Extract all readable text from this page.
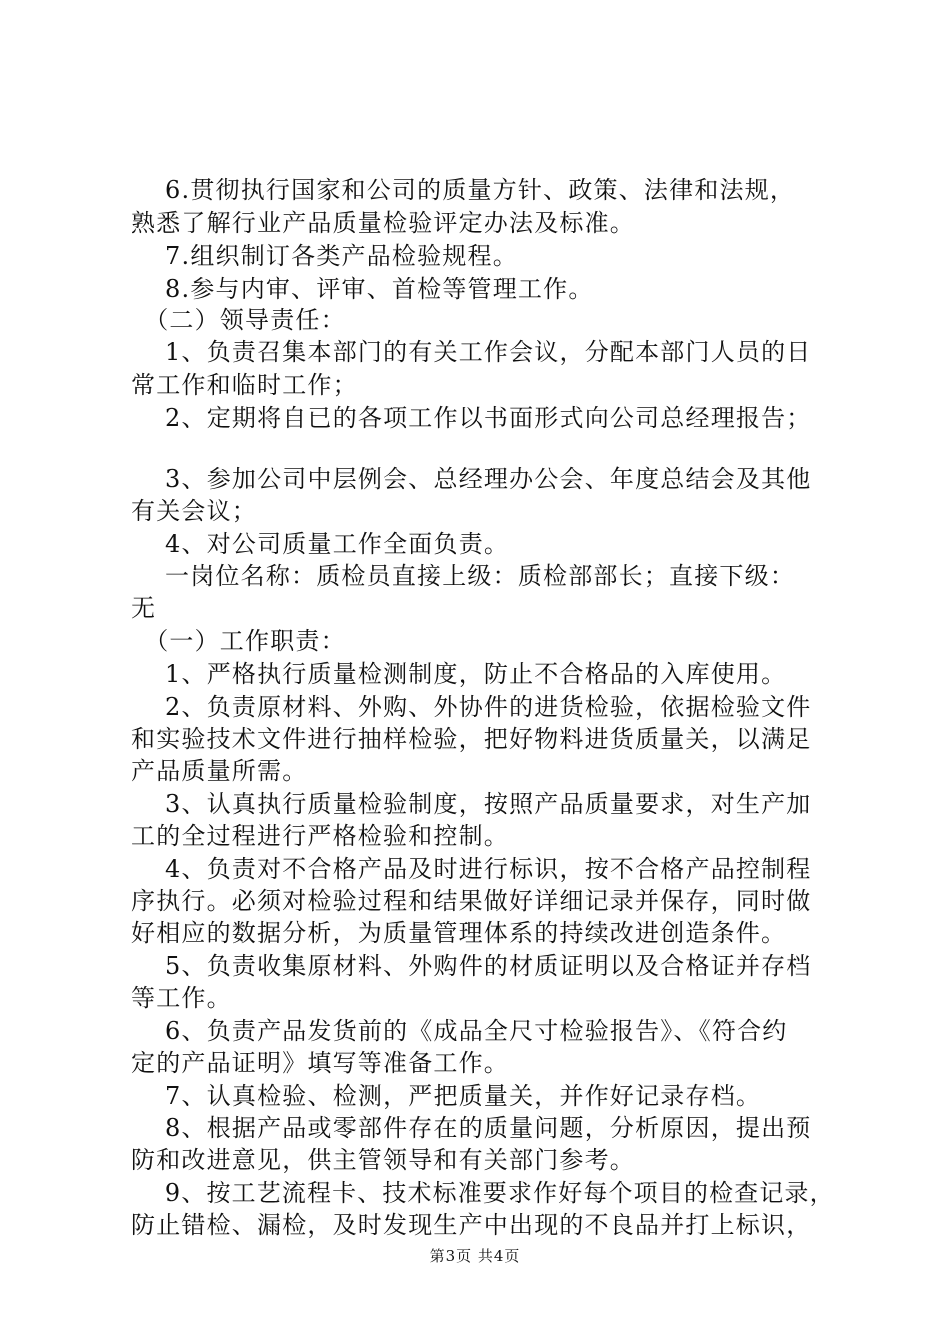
　 6.贯彻执行国家和公司的质量方针、政策、法律和法规，
熟悉了解行业产品质量检验评定办法及标准。
　 7.组织制订各类产品检验规程。
　 8.参与内审、评审、首检等管理工作。
　（二）领导责任：
　 1、负责召集本部门的有关工作会议，分配本部门人员的日
常工作和临时工作；
　 2、定期将自已的各项工作以书面形式向公司总经理报告；
　 3、参加公司中层例会、总经理办公会、年度总结会及其他
有关会议；
　 4、对公司质量工作全面负责。
　 一岗位名称：质检员直接上级：质检部部长；直接下级：
无
　（一）工作职责：
　 1、严格执行质量检测制度，防止不合格品的入库使用。
　 2、负责原材料、外购、外协件的进货检验，依据检验文件
和实验技术文件进行抽样检验，把好物料进货质量关，以满足
产品质量所需。
　 3、认真执行质量检验制度，按照产品质量要求，对生产加
工的全过程进行严格检验和控制。
　 4、负责对不合格产品及时进行标识，按不合格产品控制程
序执行。必须对检验过程和结果做好详细记录并保存，同时做
好相应的数据分析，为质量管理体系的持续改进创造条件。
　 5、负责收集原材料、外购件的材质证明以及合格证并存档
等工作。
　 6、负责产品发货前的《成品全尺寸检验报告》、《符合约
定的产品证明》填写等准备工作。
　 7、认真检验、检测，严把质量关，并作好记录存档。
　 8、根据产品或零部件存在的质量问题，分析原因，提出预
防和改进意见，供主管领导和有关部门参考。
　 9、按工艺流程卡、技术标准要求作好每个项目的检查记录，
防止错检、漏检，及时发现生产中出现的不良品并打上标识，
第3页 共4页
